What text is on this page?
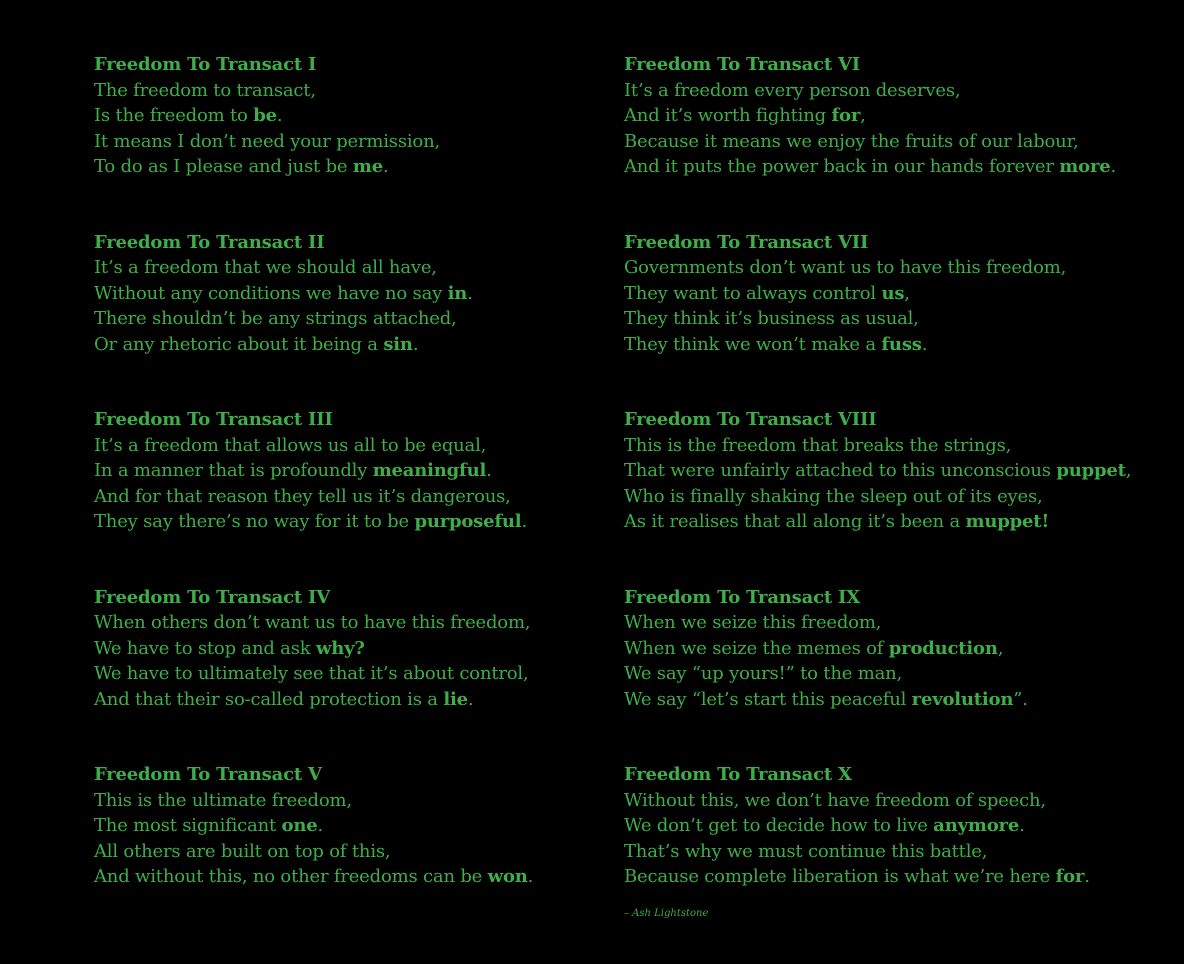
Freedom To Transact I
The freedom to transact,
Is the freedom to be.
It means I don’t need your permission,
To do as I please and just be me.
Freedom To Transact VI
It’s a freedom every person deserves,
And it’s worth fighting for,
Because it means we enjoy the fruits of our labour,
And it puts the power back in our hands forever more.
Freedom To Transact II
It’s a freedom that we should all have,
Without any conditions we have no say in.
There shouldn’t be any strings attached,
Or any rhetoric about it being a sin.
Freedom To Transact VII
Governments don’t want us to have this freedom,
They want to always control us,
They think it’s business as usual,
They think we won’t make a fuss.
Freedom To Transact III
It’s a freedom that allows us all to be equal,
In a manner that is profoundly meaningful.
And for that reason they tell us it’s dangerous,
They say there’s no way for it to be purposeful.
Freedom To Transact VIII
This is the freedom that breaks the strings,
That were unfairly attached to this unconscious puppet,
Who is finally shaking the sleep out of its eyes,
As it realises that all along it’s been a muppet!
Freedom To Transact IV
When others don’t want us to have this freedom,
We have to stop and ask why?
We have to ultimately see that it’s about control,
And that their so-called protection is a lie.
Freedom To Transact IX
When we seize this freedom,
When we seize the memes of production,
We say “up yours!” to the man,
We say “let’s start this peaceful revolution”.
Freedom To Transact V
This is the ultimate freedom,
The most significant one.
All others are built on top of this,
And without this, no other freedoms can be won.
Freedom To Transact X
Without this, we don’t have freedom of speech,
We don’t get to decide how to live anymore.
That’s why we must continue this battle,
Because complete liberation is what we’re here for.
– Ash Lightstone
